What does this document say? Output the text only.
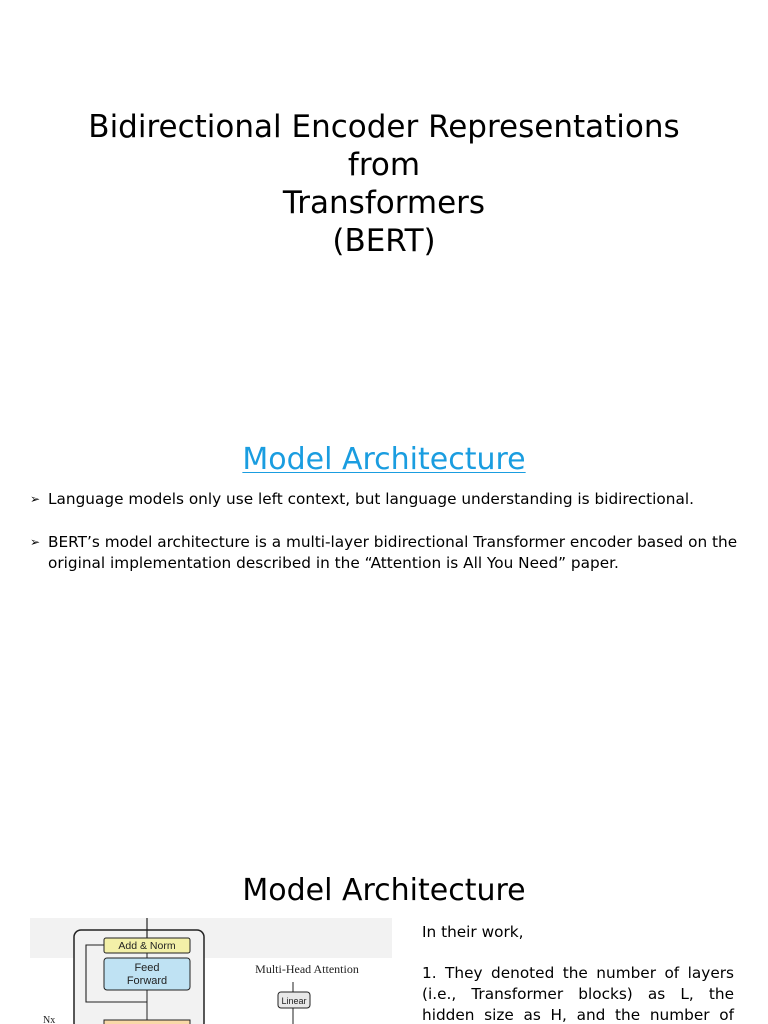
Bidirectional Encoder Representations
from
Transformers
(BERT)
Model Architecture
➢ Language models only use left context, but language understanding is bidirectional.
➢ BERT’s model architecture is a multi-layer bidirectional Transformer encoder based on the original implementation described in the “Attention is All You Need” paper.
Model Architecture
Add & Norm
Feed
Forward
Nx
Multi-Head Attention
Linear
In their work,
1. They denoted the number of layers (i.e., Transformer blocks) as L, the hidden size as H, and the number of
